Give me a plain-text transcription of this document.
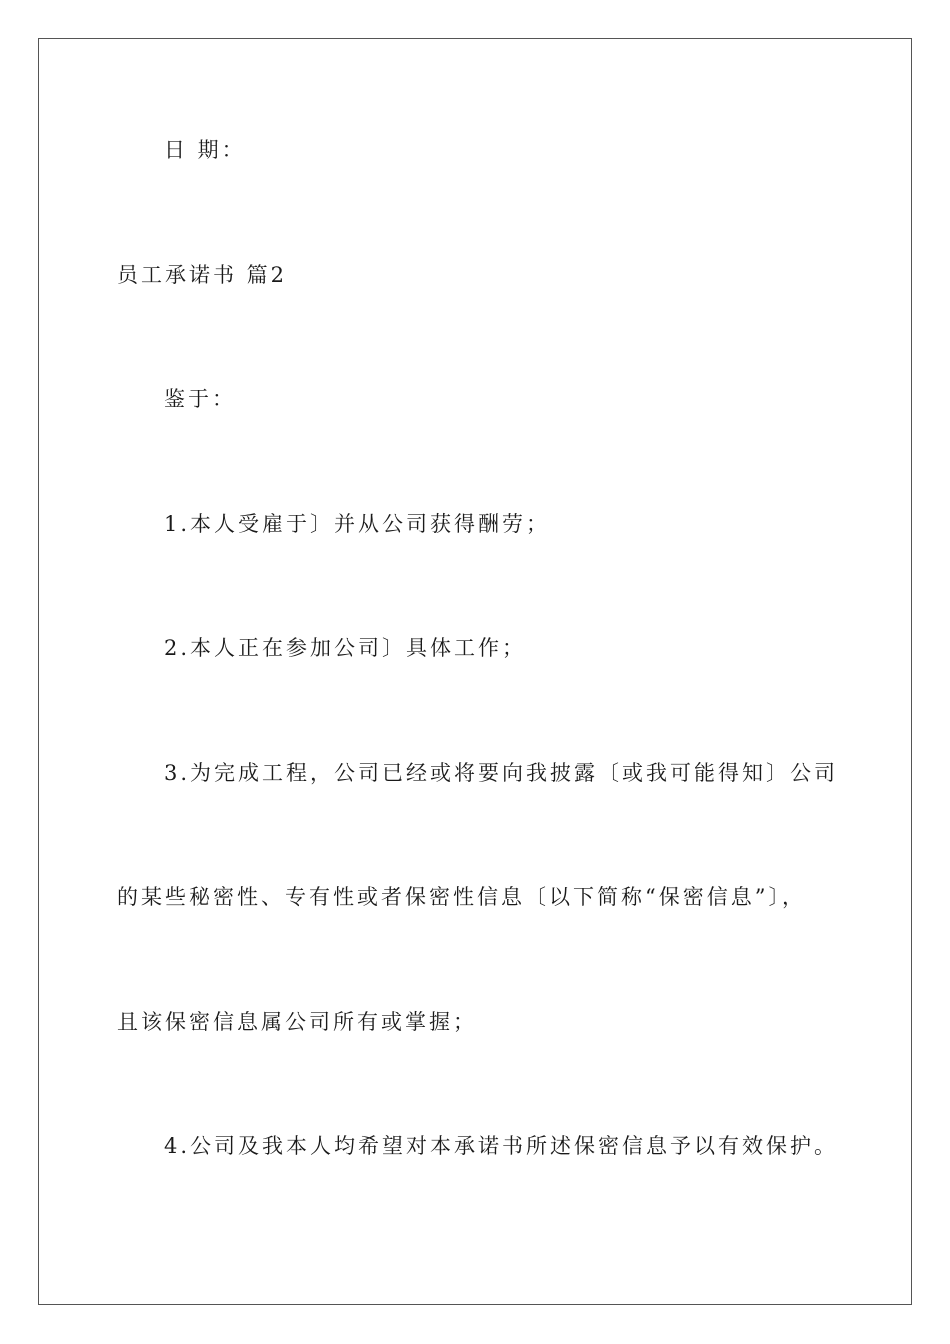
日 期：
员工承诺书 篇2
鉴于：
1.本人受雇于〕并从公司获得酬劳；
2.本人正在参加公司〕具体工作；
3.为完成工程，公司已经或将要向我披露〔或我可能得知〕公司
的某些秘密性、专有性或者保密性信息〔以下简称“保密信息”〕，
且该保密信息属公司所有或掌握；
4.公司及我本人均希望对本承诺书所述保密信息予以有效保护。
